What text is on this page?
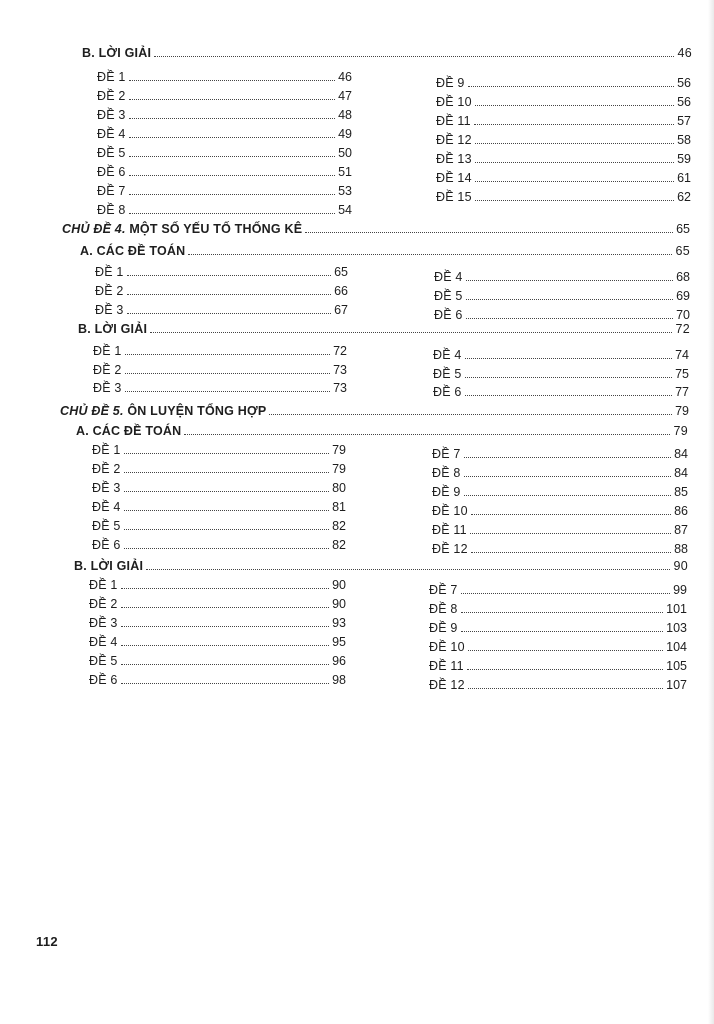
B. LỜI GIẢI	46
ĐỀ 1	46
ĐỀ 2	47
ĐỀ 3	48
ĐỀ 4	49
ĐỀ 5	50
ĐỀ 6	51
ĐỀ 7	53
ĐỀ 8	54
ĐỀ 9	56
ĐỀ 10	56
ĐỀ 11	57
ĐỀ 12	58
ĐỀ 13	59
ĐỀ 14	61
ĐỀ 15	62
CHỦ ĐỀ 4. MỘT SỐ YẾU TỐ THỐNG KÊ	65
A. CÁC ĐỀ TOÁN	65
ĐỀ 1	65
ĐỀ 2	66
ĐỀ 3	67
ĐỀ 4	68
ĐỀ 5	69
ĐỀ 6	70
B. LỜI GIẢI	72
ĐỀ 1	72
ĐỀ 2	73
ĐỀ 3	73
ĐỀ 4	74
ĐỀ 5	75
ĐỀ 6	77
CHỦ ĐỀ 5. ÔN LUYỆN TỔNG HỢP	79
A. CÁC ĐỀ TOÁN	79
ĐỀ 1	79
ĐỀ 2	79
ĐỀ 3	80
ĐỀ 4	81
ĐỀ 5	82
ĐỀ 6	82
ĐỀ 7	84
ĐỀ 8	84
ĐỀ 9	85
ĐỀ 10	86
ĐỀ 11	87
ĐỀ 12	88
B. LỜI GIẢI	90
ĐỀ 1	90
ĐỀ 2	90
ĐỀ 3	93
ĐỀ 4	95
ĐỀ 5	96
ĐỀ 6	98
ĐỀ 7	99
ĐỀ 8	101
ĐỀ 9	103
ĐỀ 10	104
ĐỀ 11	105
ĐỀ 12	107
112
